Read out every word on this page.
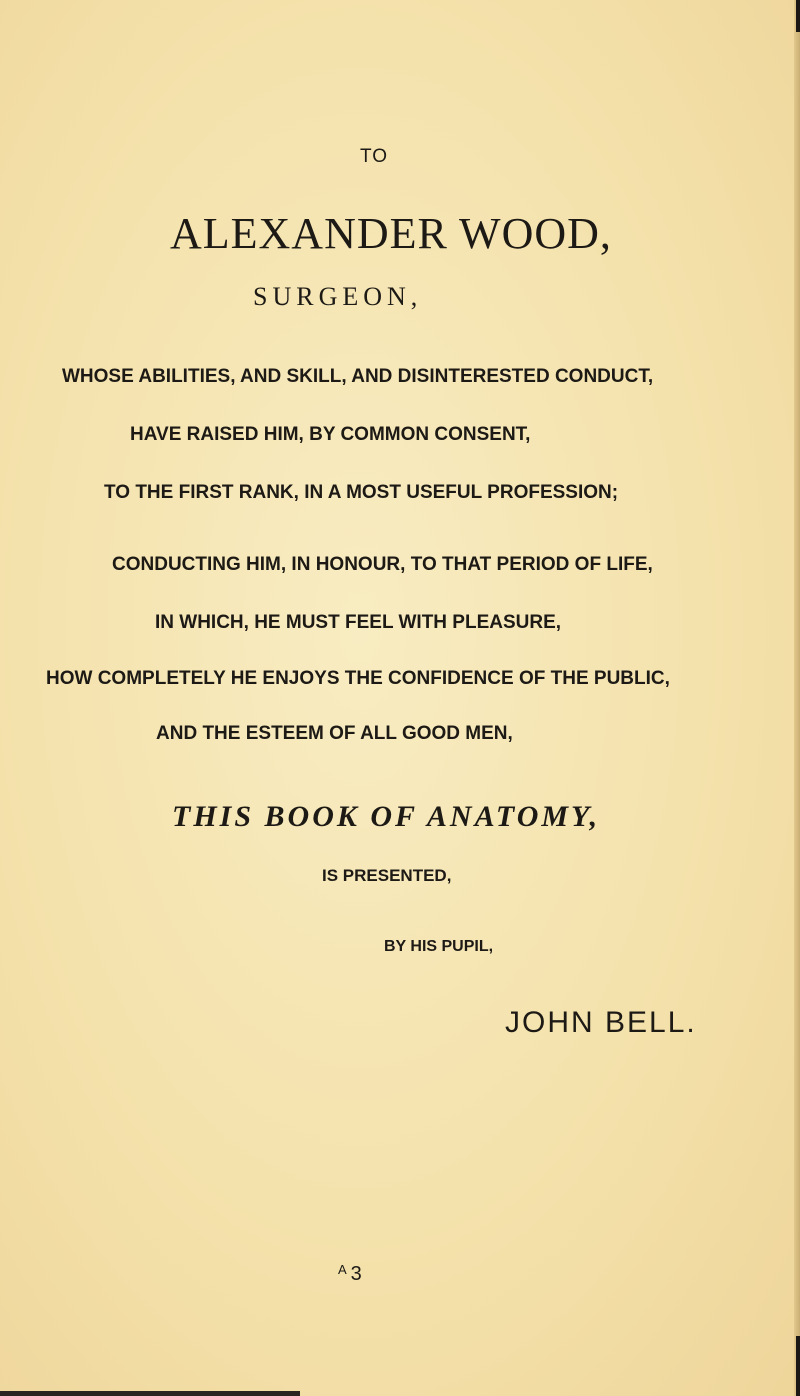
TO

ALEXANDER WOOD,

SURGEON,

WHOSE ABILITIES, AND SKILL, AND DISINTERESTED CONDUCT,

HAVE RAISED HIM, BY COMMON CONSENT,

TO THE FIRST RANK, IN A MOST USEFUL PROFESSION;

CONDUCTING HIM, IN HONOUR, TO THAT PERIOD OF LIFE,

IN WHICH, HE MUST FEEL WITH PLEASURE,

HOW COMPLETELY HE ENJOYS THE CONFIDENCE OF THE PUBLIC,

AND THE ESTEEM OF ALL GOOD MEN,

THIS BOOK OF ANATOMY,

IS PRESENTED,

BY HIS PUPIL,

JOHN BELL.

$^A$ 3
